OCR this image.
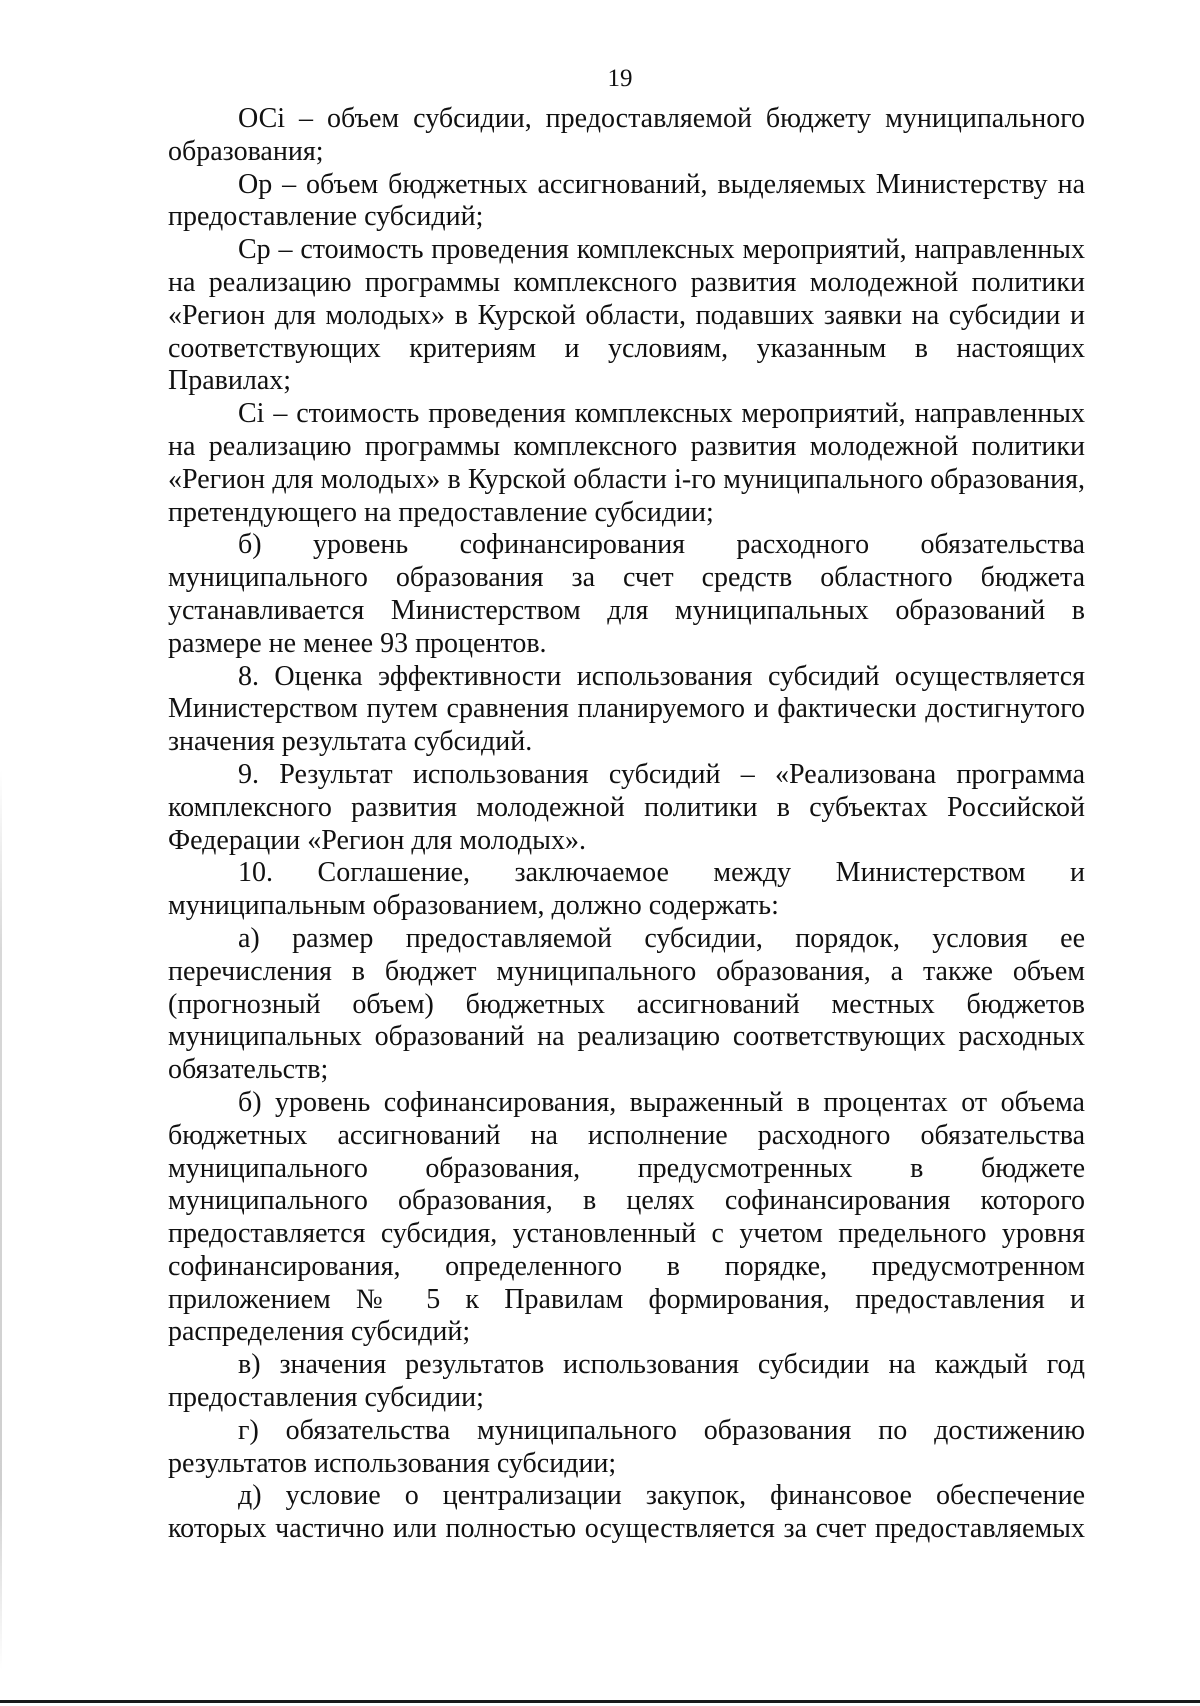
19

ОСi – объем субсидии, предоставляемой бюджету муниципального образования;

Ор – объем бюджетных ассигнований, выделяемых Министерству на предоставление субсидий;

Ср – стоимость проведения комплексных мероприятий, направленных на реализацию программы комплексного развития молодежной политики «Регион для молодых» в Курской области, подавших заявки на субсидии и соответствующих критериям и условиям, указанным в настоящих Правилах;

Сi – стоимость проведения комплексных мероприятий, направленных на реализацию программы комплексного развития молодежной политики «Регион для молодых» в Курской области i-го муниципального образования, претендующего на предоставление субсидии;

б) уровень софинансирования расходного обязательства муниципального образования за счет средств областного бюджета устанавливается Министерством для муниципальных образований в размере не менее 93 процентов.

8. Оценка эффективности использования субсидий осуществляется Министерством путем сравнения планируемого и фактически достигнутого значения результата субсидий.

9. Результат использования субсидий – «Реализована программа комплексного развития молодежной политики в субъектах Российской Федерации «Регион для молодых».

10. Соглашение, заключаемое между Министерством и муниципальным образованием, должно содержать:

а) размер предоставляемой субсидии, порядок, условия ее перечисления в бюджет муниципального образования, а также объем (прогнозный объем) бюджетных ассигнований местных бюджетов муниципальных образований на реализацию соответствующих расходных обязательств;

б) уровень софинансирования, выраженный в процентах от объема бюджетных ассигнований на исполнение расходного обязательства муниципального образования, предусмотренных в бюджете муниципального образования, в целях софинансирования которого предоставляется субсидия, установленный с учетом предельного уровня софинансирования, определенного в порядке, предусмотренном приложением № 5 к Правилам формирования, предоставления и распределения субсидий;

в) значения результатов использования субсидии на каждый год предоставления субсидии;

г) обязательства муниципального образования по достижению результатов использования субсидии;

д) условие о централизации закупок, финансовое обеспечение которых частично или полностью осуществляется за счет предоставляемых
